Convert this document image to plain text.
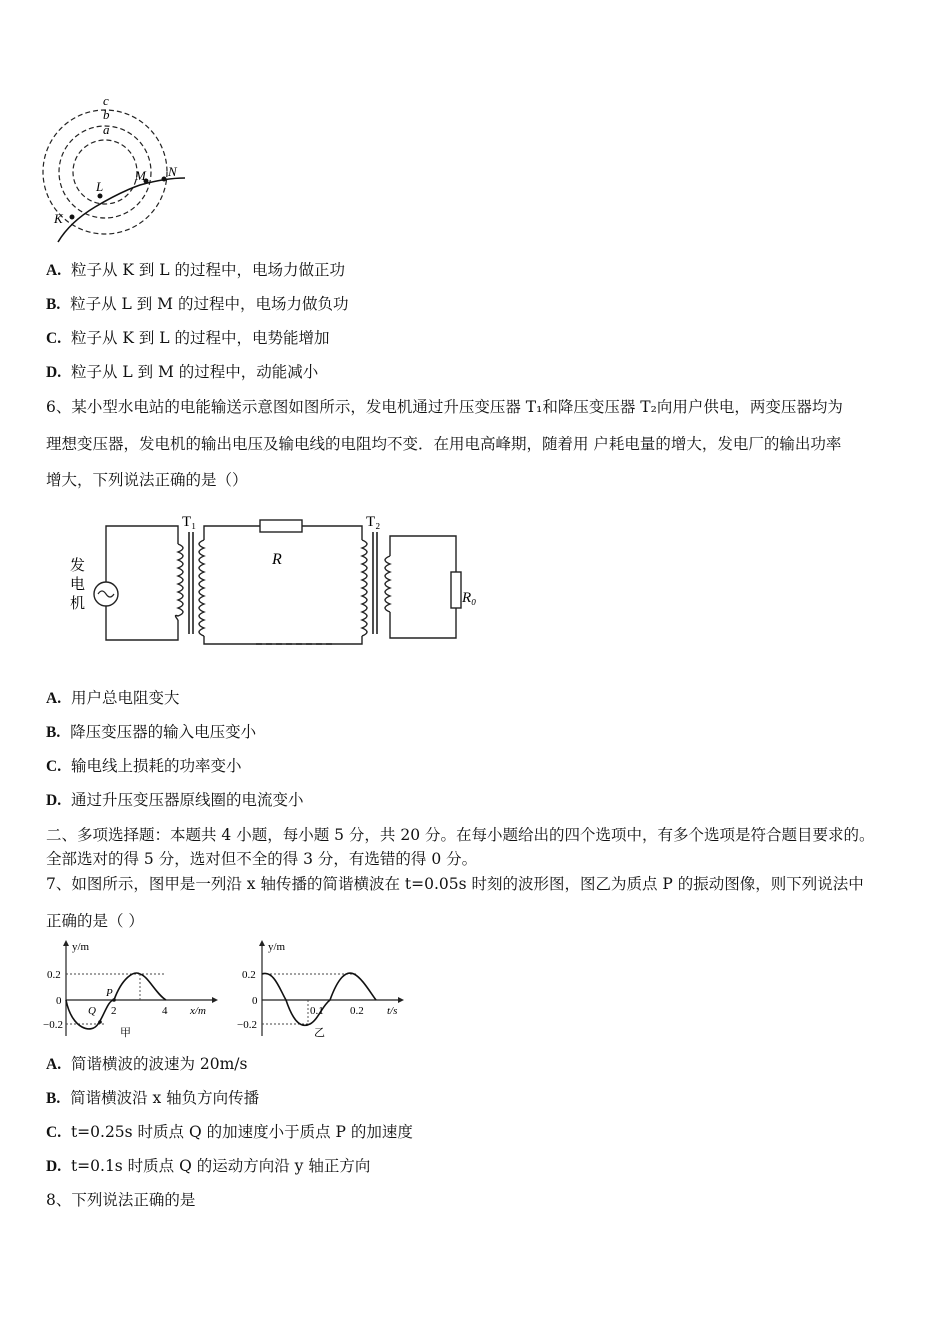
c
b
a
L
M N
K
A. 粒子从 K 到 L 的过程中，电场力做正功
B. 粒子从 L 到 M 的过程中，电场力做负功
C. 粒子从 K 到 L 的过程中，电势能增加
D. 粒子从 L 到 M 的过程中，动能减小
6、某小型水电站的电能输送示意图如图所示，发电机通过升压变压器 T₁和降压变压器 T₂向用户供电，两变压器均为
理想变压器，发电机的输出电压及输电线的电阻均不变．在用电高峰期，随着用 户耗电量的增大，发电厂的输出功率
增大，下列说法正确的是（）
发
电
机
T₁
R
T₂
R₀
A. 用户总电阻变大
B. 降压变压器的输入电压变小
C. 输电线上损耗的功率变小
D. 通过升压变压器原线圈的电流变小
二、多项选择题：本题共 4 小题，每小题 5 分，共 20 分。在每小题给出的四个选项中，有多个选项是符合题目要求的。
全部选对的得 5 分，选对但不全的得 3 分，有选错的得 0 分。
7、如图所示，图甲是一列沿 x 轴传播的简谐横波在 t=0.05s 时刻的波形图，图乙为质点 P 的振动图像，则下列说法中
正确的是（ ）
y/m
0.2
0
−0.2
Q
P
2	4 x/m
甲
y/m
0.2
0
−0.2
0.1 0.2 t/s
乙
A. 简谐横波的波速为 20m/s
B. 简谐横波沿 x 轴负方向传播
C. t=0.25s 时质点 Q 的加速度小于质点 P 的加速度
D. t=0.1s 时质点 Q 的运动方向沿 y 轴正方向
8、下列说法正确的是
